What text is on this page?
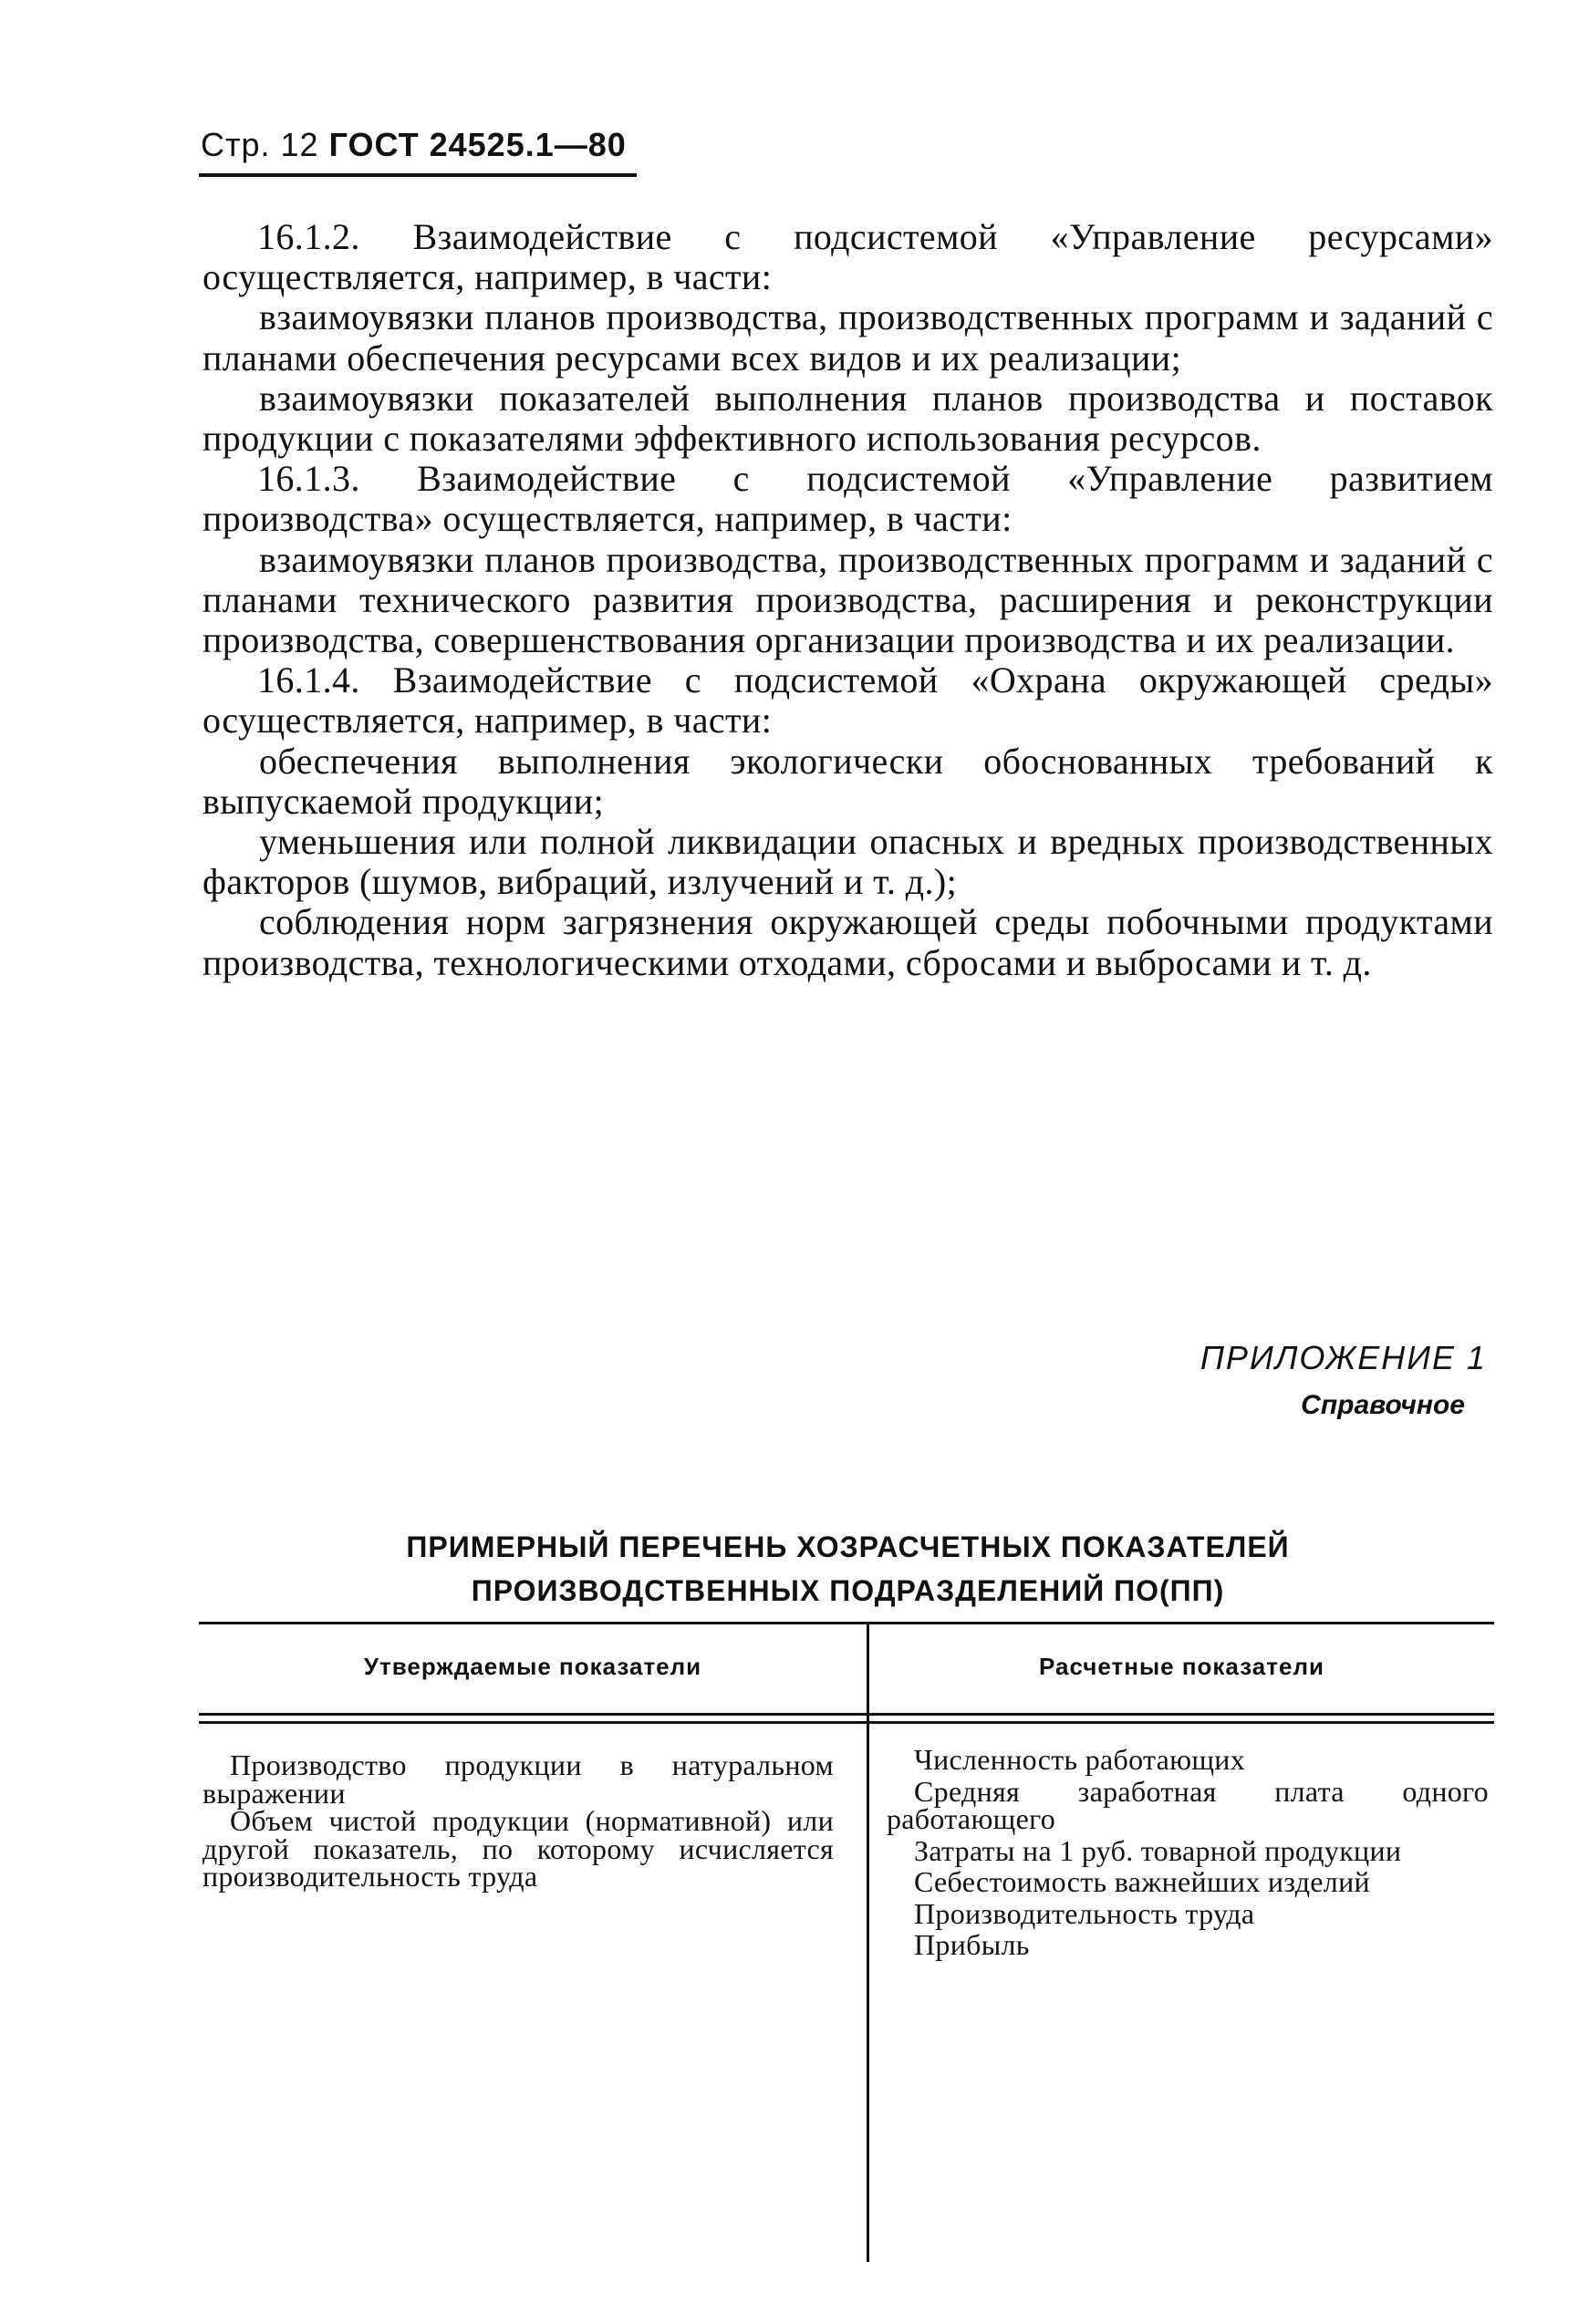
Стр. 12 ГОСТ 24525.1—80

16.1.2. Взаимодействие с подсистемой «Управление ресурсами» осуществляется, например, в части:

взаимоувязки планов производства, производственных программ и заданий с планами обеспечения ресурсами всех видов и их реализации;

взаимоувязки показателей выполнения планов производства и поставок продукции с показателями эффективного использования ресурсов.

16.1.3. Взаимодействие с подсистемой «Управление развитием производства» осуществляется, например, в части:

взаимоувязки планов производства, производственных программ и заданий с планами технического развития производства, расширения и реконструкции производства, совершенствования организации производства и их реализации.

16.1.4. Взаимодействие с подсистемой «Охрана окружающей среды» осуществляется, например, в части:

обеспечения выполнения экологически обоснованных требований к выпускаемой продукции;

уменьшения или полной ликвидации опасных и вредных производственных факторов (шумов, вибраций, излучений и т. д.);

соблюдения норм загрязнения окружающей среды побочными продуктами производства, технологическими отходами, сбросами и выбросами и т. д.

ПРИЛОЖЕНИЕ 1
Справочное
ПРИМЕРНЫЙ ПЕРЕЧЕНЬ ХОЗРАСЧЕТНЫХ ПОКАЗАТЕЛЕЙ
ПРОИЗВОДСТВЕННЫХ ПОДРАЗДЕЛЕНИЙ ПО(ПП)
Утверждаемые показатели	Расчетные показатели

Производство продукции в натуральном выражении

Объем чистой продукции (нормативной) или другой показатель, по которому исчисляется производительность труда

Численность работающих

Средняя заработная плата одного работающего

Затраты на 1 руб. товарной продукции

Себестоимость важнейших изделий

Производительность труда

Прибыль
